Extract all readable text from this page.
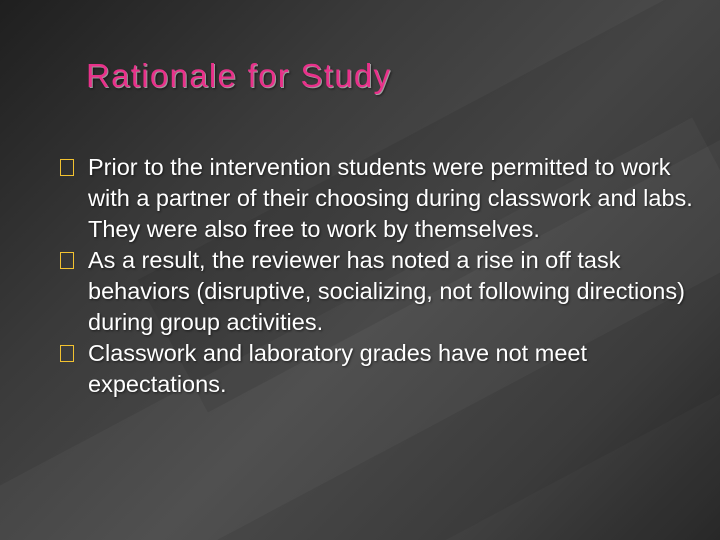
Rationale for Study
Prior to the intervention students were permitted to work with a partner of their choosing during classwork and labs. They were also free to work by themselves.
As a result, the reviewer has noted a rise in off task behaviors (disruptive, socializing, not following directions) during group activities.
Classwork and laboratory grades have not meet expectations.
